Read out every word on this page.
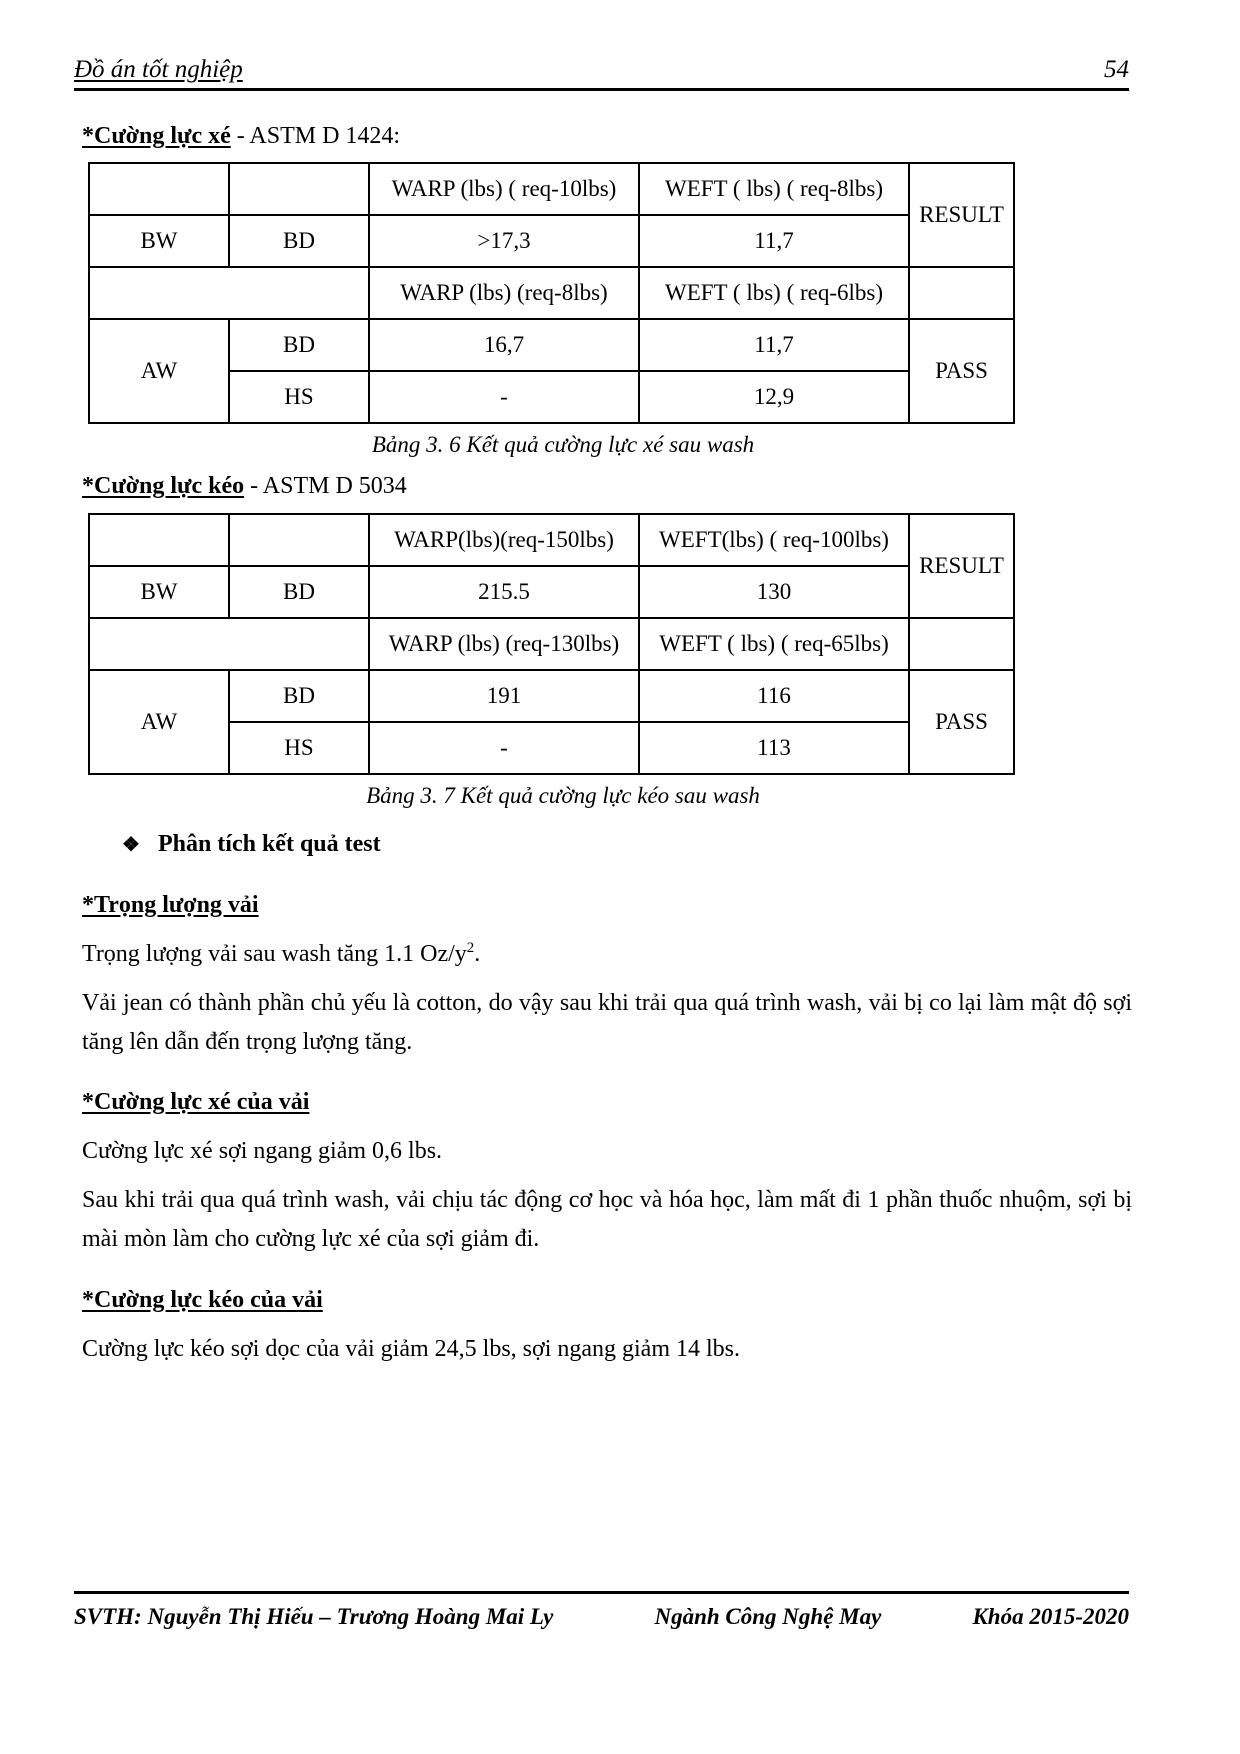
Đồ án tốt nghiệp	54
*Cường lực xé - ASTM D 1424:
		WARP (lbs) ( req-10lbs)	WEFT ( lbs) ( req-8lbs)	RESULT
BW	BD	>17,3	11,7	
		WARP (lbs) (req-8lbs)	WEFT ( lbs) ( req-6lbs)	
AW	BD	16,7	11,7	PASS
	HS	-	12,9	
Bảng 3. 6 Kết quả cường lực xé sau wash
*Cường lực kéo - ASTM D 5034
		WARP(lbs)(req-150lbs)	WEFT(lbs) ( req-100lbs)	RESULT
BW	BD	215.5	130	
		WARP (lbs) (req-130lbs)	WEFT ( lbs) ( req-65lbs)	
AW	BD	191	116	PASS
	HS	-	113	
Bảng 3. 7 Kết quả cường lực kéo sau wash
❖ Phân tích kết quả test
*Trọng lượng vải

Trọng lượng vải sau wash tăng 1.1 $Oz/y^2$.

Vải jean có thành phần chủ yếu là cotton, do vậy sau khi trải qua quá trình wash, vải bị co lại làm mật độ sợi tăng lên dẫn đến trọng lượng tăng.

*Cường lực xé của vải

Cường lực xé sợi ngang giảm 0,6 lbs.

Sau khi trải qua quá trình wash, vải chịu tác động cơ học và hóa học, làm mất đi 1 phần thuốc nhuộm, sợi bị mài mòn làm cho cường lực xé của sợi giảm đi.

*Cường lực kéo của vải

Cường lực kéo sợi dọc của vải giảm 24,5 lbs, sợi ngang giảm 14 lbs.

SVTH: Nguyễn Thị Hiếu – Trương Hoàng Mai Ly	Ngành Công Nghệ May	Khóa 2015-2020
